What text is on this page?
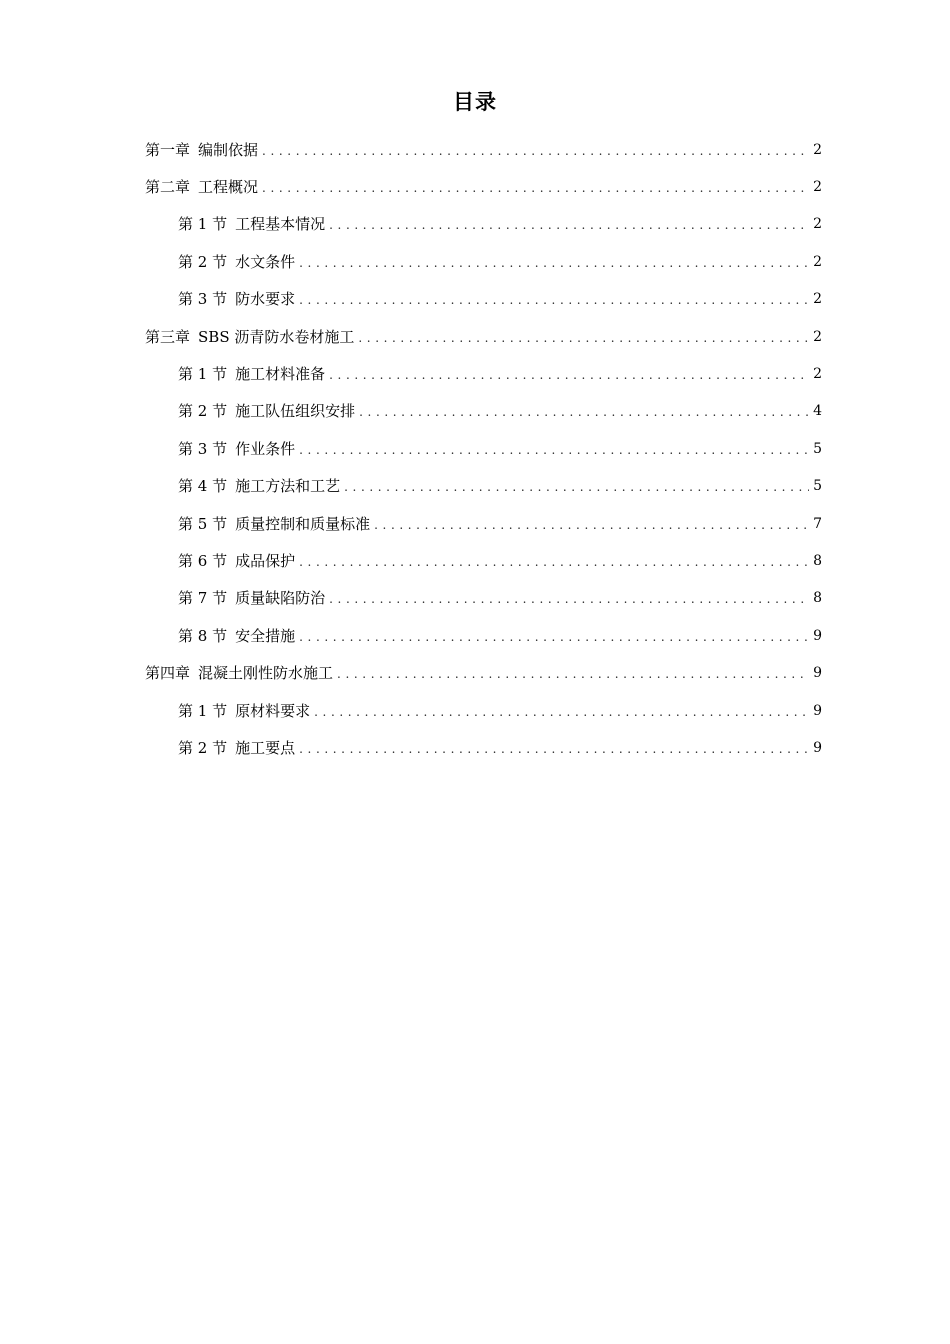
目录
第一章 编制依据 .....	2
第二章 工程概况 .....	2
第 1 节 工程基本情况 .....	2
第 2 节 水文条件 .....	2
第 3 节 防水要求 .....	2
第三章 SBS 沥青防水卷材施工 .....	2
第 1 节 施工材料准备 .....	2
第 2 节 施工队伍组织安排 .....	4
第 3 节 作业条件 .....	5
第 4 节 施工方法和工艺 .....	5
第 5 节 质量控制和质量标准 .....	7
第 6 节 成品保护 .....	8
第 7 节 质量缺陷防治 .....	8
第 8 节 安全措施 .....	9
第四章 混凝土刚性防水施工 .....	9
第 1 节 原材料要求 .....	9
第 2 节 施工要点 .....	9
